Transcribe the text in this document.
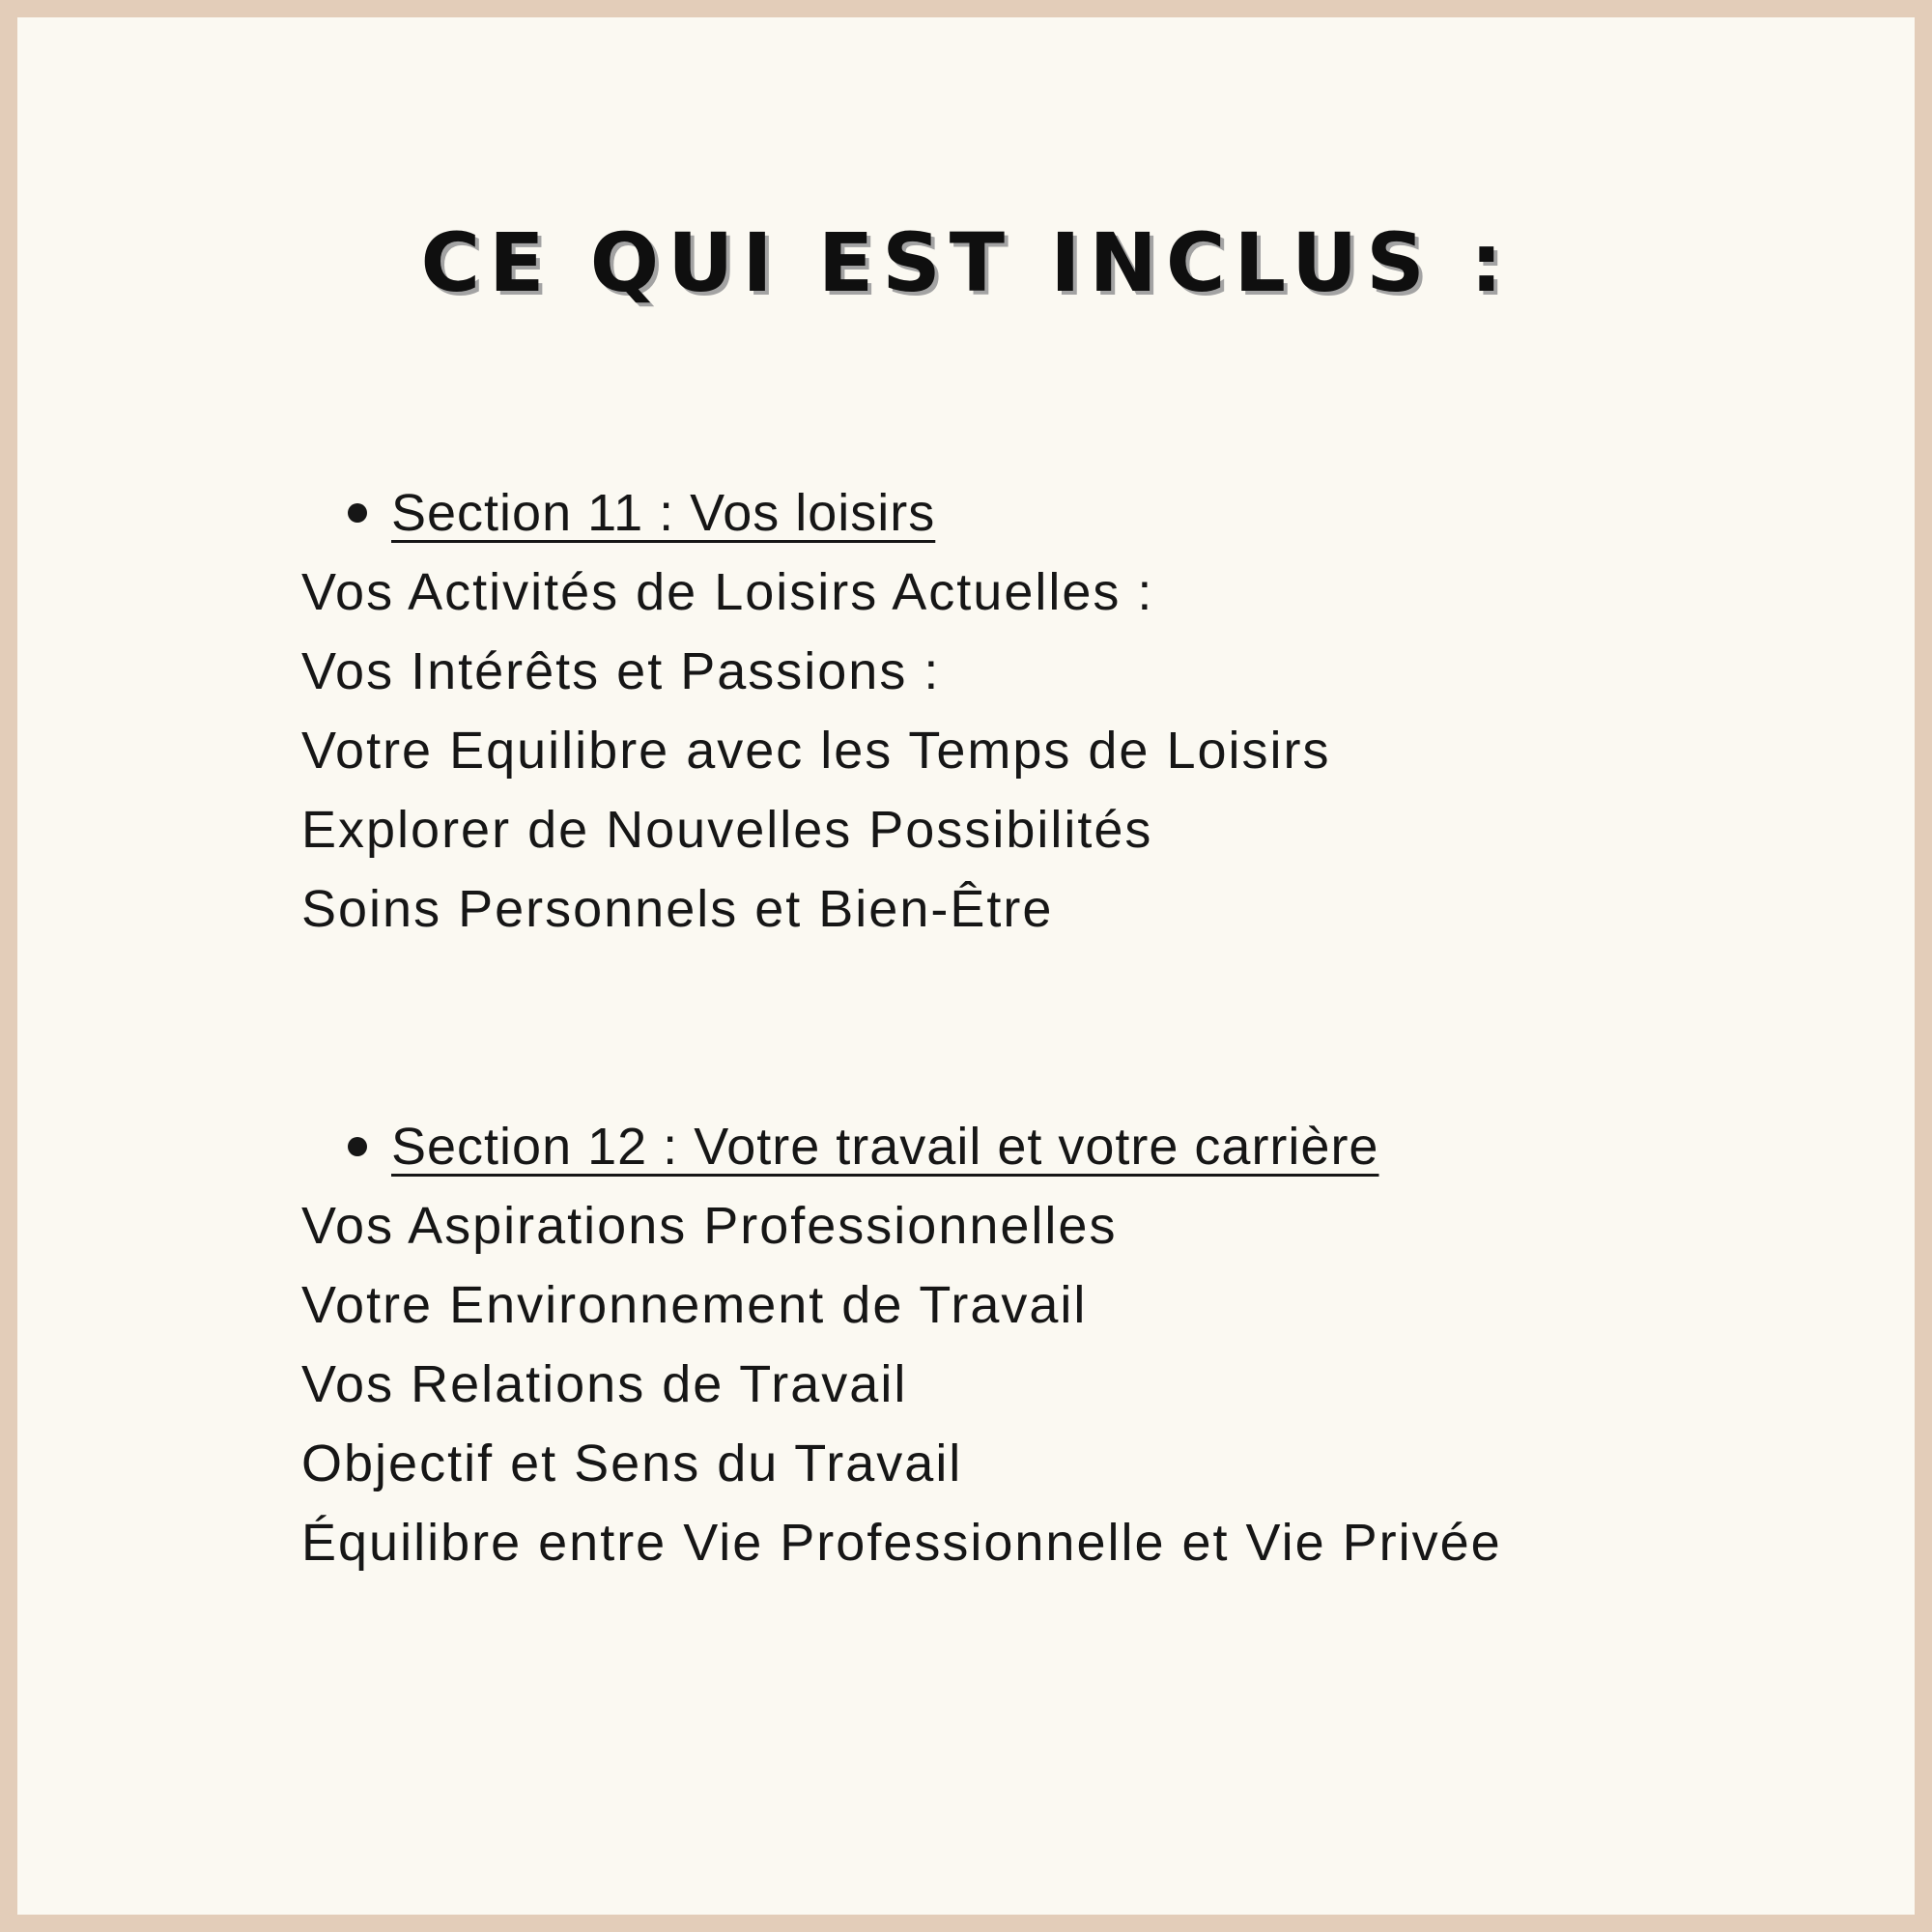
CE QUI EST INCLUS :
Section 11 : Vos loisirs
Vos Activités de Loisirs Actuelles :
Vos Intérêts et Passions :
Votre Equilibre avec les Temps de Loisirs
Explorer de Nouvelles Possibilités
Soins Personnels et Bien-Être
Section 12 : Votre travail et votre carrière
Vos Aspirations Professionnelles
Votre Environnement de Travail
Vos Relations de Travail
Objectif et Sens du Travail
Équilibre entre Vie Professionnelle et Vie Privée
